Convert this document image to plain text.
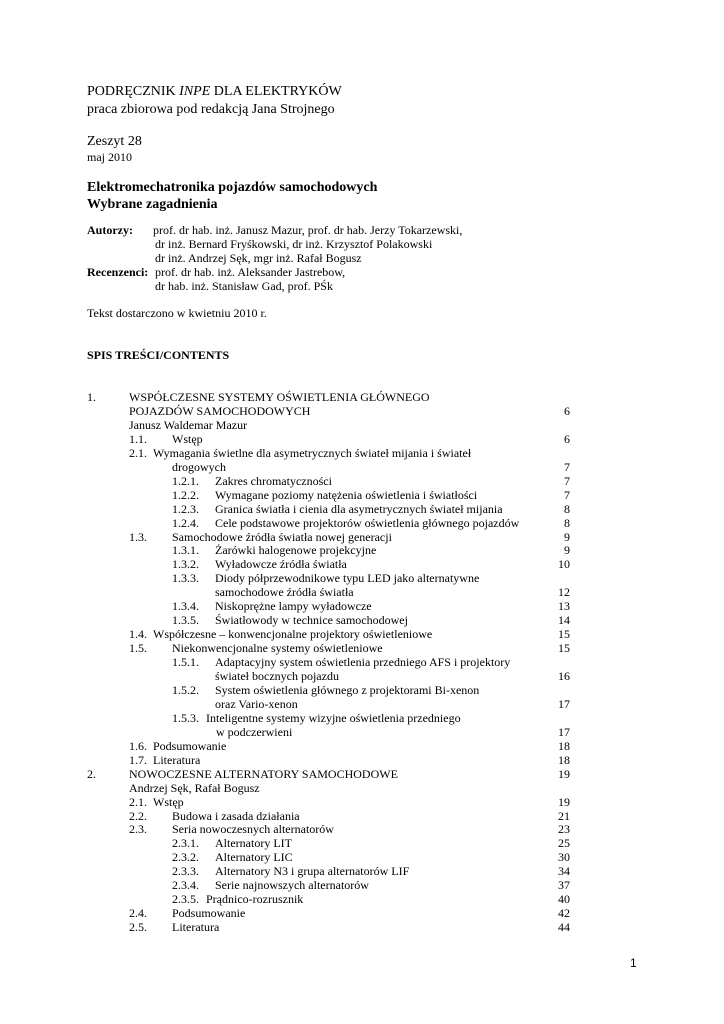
PODRĘCZNIK INPE DLA ELEKTRYKÓW
praca zbiorowa pod redakcją Jana Strojnego
Zeszyt 28
maj 2010
Elektromechatronika pojazdów samochodowych
Wybrane zagadnienia
Autorzy: prof. dr hab. inż. Janusz Mazur, prof. dr hab. Jerzy Tokarzewski,
dr inż. Bernard Fryśkowski, dr inż. Krzysztof Polakowski
dr inż. Andrzej Sęk, mgr inż. Rafał Bogusz
Recenzenci: prof. dr hab. inż. Aleksander Jastrebow,
dr hab. inż. Stanisław Gad, prof. PŚk
Tekst dostarczono w kwietniu 2010 r.
SPIS TREŚCI/CONTENTS
1.	WSPÓŁCZESNE SYSTEMY OŚWIETLENIA GŁÓWNEGO
POJAZDÓW SAMOCHODOWYCH	6
Janusz Waldemar Mazur
1.1. Wstęp	6
2.1. Wymagania świetlne dla asymetrycznych świateł mijania i świateł
drogowych	7
1.2.1. Zakres chromatyczności	7
1.2.2. Wymagane poziomy natężenia oświetlenia i światłości	7
1.2.3. Granica światła i cienia dla asymetrycznych świateł mijania	8
1.2.4. Cele podstawowe projektorów oświetlenia głównego pojazdów	8
1.3. Samochodowe źródła światła nowej generacji	9
1.3.1. Żarówki halogenowe projekcyjne	9
1.3.2. Wyładowcze źródła światła	10
1.3.3. Diody półprzewodnikowe typu LED jako alternatywne
samochodowe źródła światła	12
1.3.4. Niskoprężne lampy wyładowcze	13
1.3.5. Światłowody w technice samochodowej	14
1.4. Współczesne – konwencjonalne projektory oświetleniowe	15
1.5. Niekonwencjonalne systemy oświetleniowe	15
1.5.1. Adaptacyjny system oświetlenia przedniego AFS i projektory
świateł bocznych pojazdu	16
1.5.2. System oświetlenia głównego z projektorami Bi-xenon
oraz Vario-xenon	17
1.5.3. Inteligentne systemy wizyjne oświetlenia przedniego
w podczerwieni	17
1.6. Podsumowanie	18
1.7. Literatura	18
2.	NOWOCZESNE ALTERNATORY SAMOCHODOWE	19
Andrzej Sęk, Rafał Bogusz
2.1. Wstęp	19
2.2. Budowa i zasada działania	21
2.3. Seria nowoczesnych alternatorów	23
2.3.1. Alternatory LIT	25
2.3.2. Alternatory LIC	30
2.3.3. Alternatory N3 i grupa alternatorów LIF	34
2.3.4. Serie najnowszych alternatorów	37
2.3.5. Prądnico-rozrusznik	40
2.4. Podsumowanie	42
2.5. Literatura	44
1
